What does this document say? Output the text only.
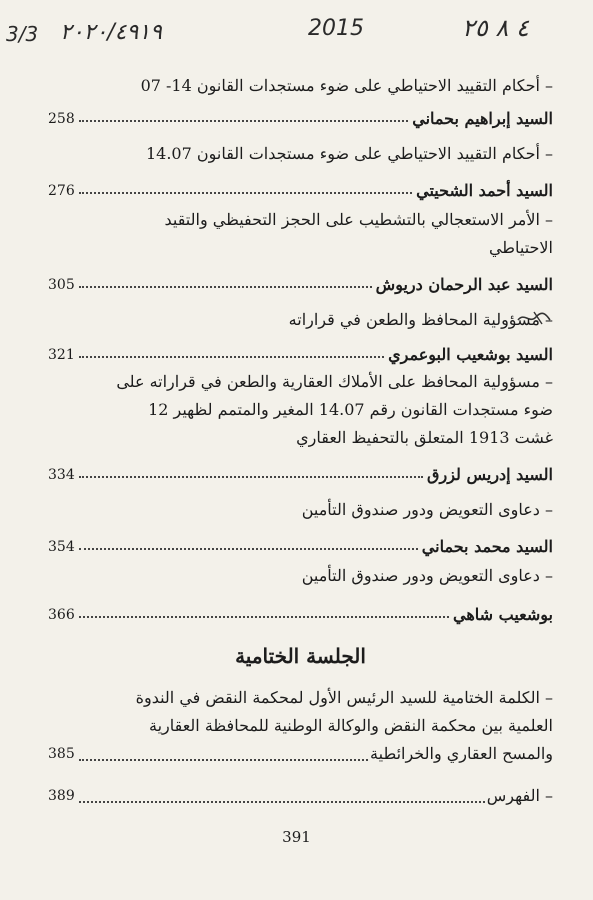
3/3 ٢٠٢٠/٤٩١٩	2015	٤ ٨ ٢٥
– أحكام التقييد الاحتياطي على ضوء مستجدات القانون 14- 07
السيد إبراهيم بحماني
258
– أحكام التقييد الاحتياطي على ضوء مستجدات القانون 14.07
السيد أحمد الشحيتي
276
– الأمر الاستعجالي بالتشطيب على الحجز التحفيظي والتقيد
الاحتياطي
السيد عبد الرحمان دريوش
305
– مسؤولية المحافظ والطعن في قراراته
السيد بوشعيب البوعمري
321
– مسؤولية المحافظ على الأملاك العقارية والطعن في قراراته على
ضوء مستجدات القانون رقم 14.07 المغير والمتمم لظهير 12
غشت 1913 المتعلق بالتحفيظ العقاري
السيد إدريس لزرق
334
– دعاوى التعويض ودور صندوق التأمين
السيد محمد بحماني
354
– دعاوى التعويض ودور صندوق التأمين
بوشعيب شاهي
366
الجلسة الختامية
– الكلمة الختامية للسيد الرئيس الأول لمحكمة النقض في الندوة
العلمية بين محكمة النقض والوكالة الوطنية للمحافظة العقارية
والمسح العقاري والخرائطية
385
– الفهرس
389
391
